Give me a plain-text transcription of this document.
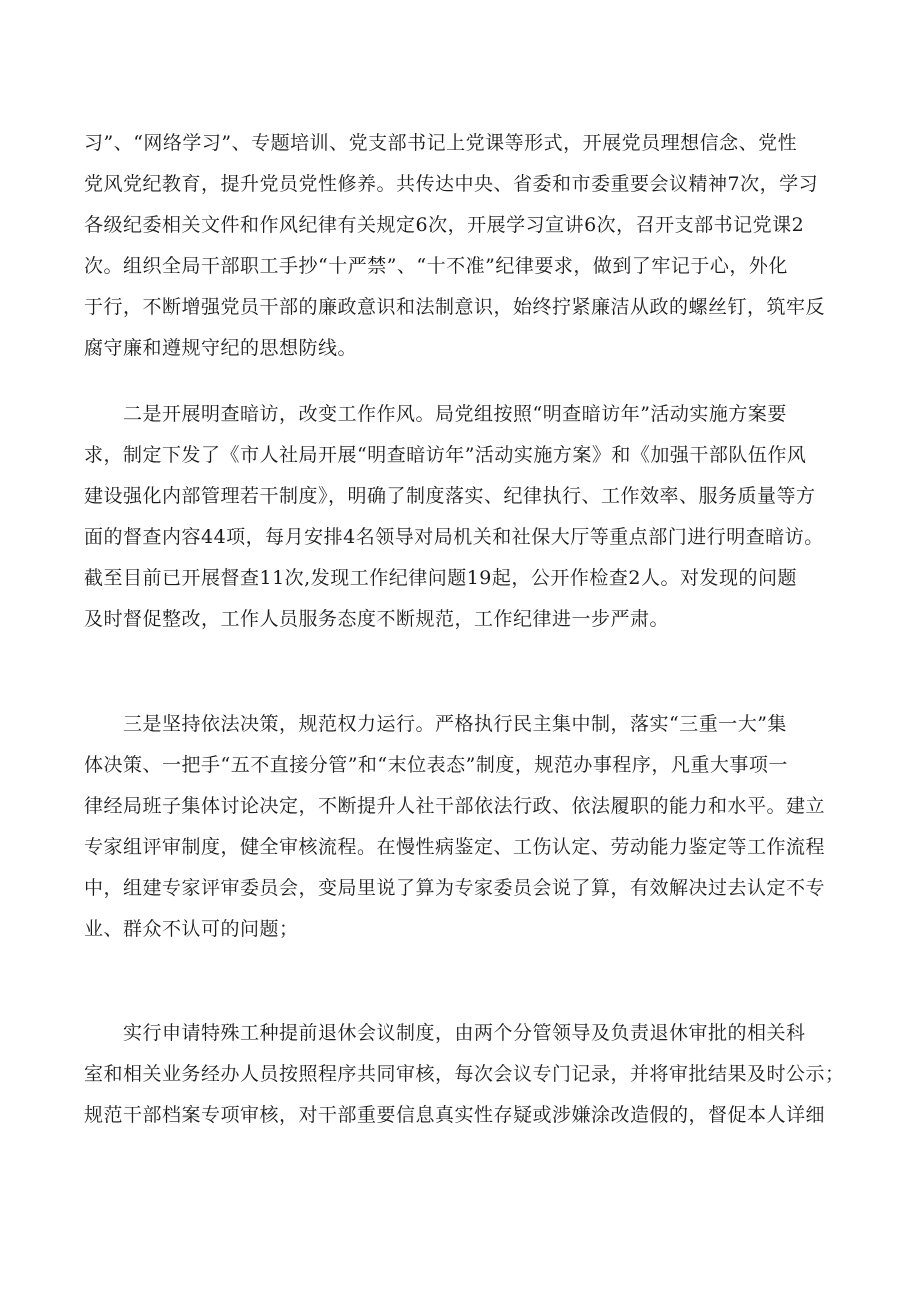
习”、“网络学习”、专题培训、党支部书记上党课等形式，开展党员理想信念、党性
党风党纪教育，提升党员党性修养。共传达中央、省委和市委重要会议精神7次，学习
各级纪委相关文件和作风纪律有关规定6次，开展学习宣讲6次，召开支部书记党课2
次。组织全局干部职工手抄“十严禁”、“十不准”纪律要求，做到了牢记于心，外化
于行，不断增强党员干部的廉政意识和法制意识，始终拧紧廉洁从政的螺丝钉，筑牢反
腐守廉和遵规守纪的思想防线。
　　二是开展明查暗访，改变工作作风。局党组按照“明查暗访年”活动实施方案要
求，制定下发了《市人社局开展“明查暗访年”活动实施方案》和《加强干部队伍作风
建设强化内部管理若干制度》，明确了制度落实、纪律执行、工作效率、服务质量等方
面的督查内容44项，每月安排4名领导对局机关和社保大厅等重点部门进行明查暗访。
截至目前已开展督查11次,发现工作纪律问题19起，公开作检查2人。对发现的问题
及时督促整改，工作人员服务态度不断规范，工作纪律进一步严肃。
　　三是坚持依法决策，规范权力运行。严格执行民主集中制，落实“三重一大”集
体决策、一把手“五不直接分管”和“末位表态”制度，规范办事程序，凡重大事项一
律经局班子集体讨论决定，不断提升人社干部依法行政、依法履职的能力和水平。建立
专家组评审制度，健全审核流程。在慢性病鉴定、工伤认定、劳动能力鉴定等工作流程
中，组建专家评审委员会，变局里说了算为专家委员会说了算，有效解决过去认定不专
业、群众不认可的问题；
　　实行申请特殊工种提前退休会议制度，由两个分管领导及负责退休审批的相关科
室和相关业务经办人员按照程序共同审核，每次会议专门记录，并将审批结果及时公示；
规范干部档案专项审核，对干部重要信息真实性存疑或涉嫌涂改造假的，督促本人详细
